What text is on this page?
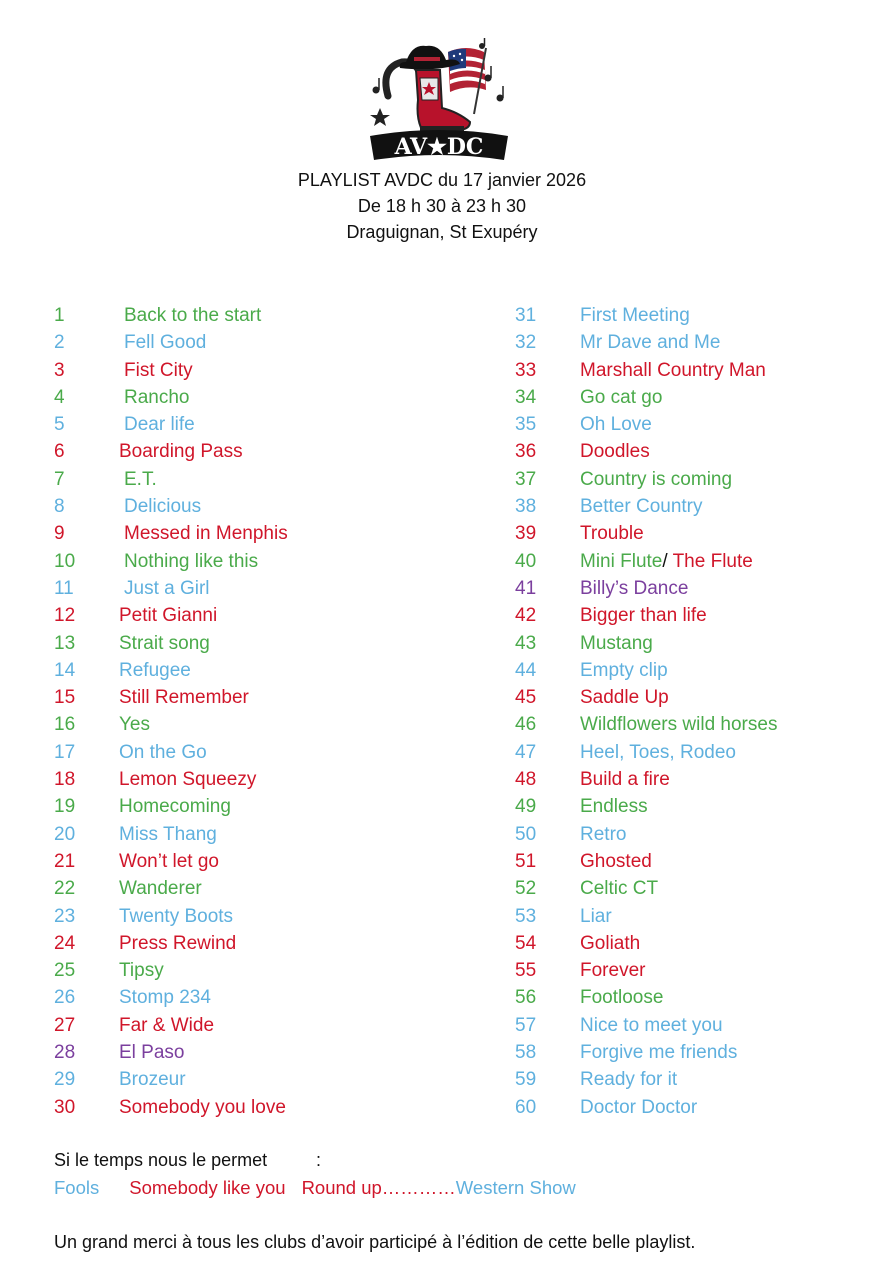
AV★DC
PLAYLIST AVDC du 17 janvier 2026
De 18 h 30 à 23 h 30
Draguignan, St Exupéry
1	Back to the start
2	Fell Good
3	Fist City
4	Rancho
5	Dear life
6	Boarding Pass
7	E.T.
8	Delicious
9	Messed in Menphis
10	Nothing like this
11	Just a Girl
12 Petit Gianni
13 Strait song
14 Refugee
15 Still Remember
16 Yes
17 On the Go
18 Lemon Squeezy
19 Homecoming
20 Miss Thang
21 Won’t let go
22 Wanderer
23 Twenty Boots
24 Press Rewind
25 Tipsy
26 Stomp 234
27 Far & Wide
28 El Paso
29 Brozeur
30 Somebody you love
31 First Meeting
32 Mr Dave and Me
33 Marshall Country Man
34 Go cat go
35 Oh Love
36 Doodles
37 Country is coming
38 Better Country
39 Trouble
40 Mini Flute/ The Flute
41 Billy’s Dance
42 Bigger than life
43 Mustang
44 Empty clip
45 Saddle Up
46 Wildflowers wild horses
47 Heel, Toes, Rodeo
48 Build a fire
49 Endless
50 Retro
51 Ghosted
52 Celtic CT
53 Liar
54 Goliath
55 Forever
56 Footloose
57 Nice to meet you
58 Forgive me friends
59 Ready for it
60 Doctor Doctor
Si le temps nous le permet	:
Fools Somebody like you Round up…………Western Show
Un grand merci à tous les clubs d’avoir participé à l’édition de cette belle playlist.
